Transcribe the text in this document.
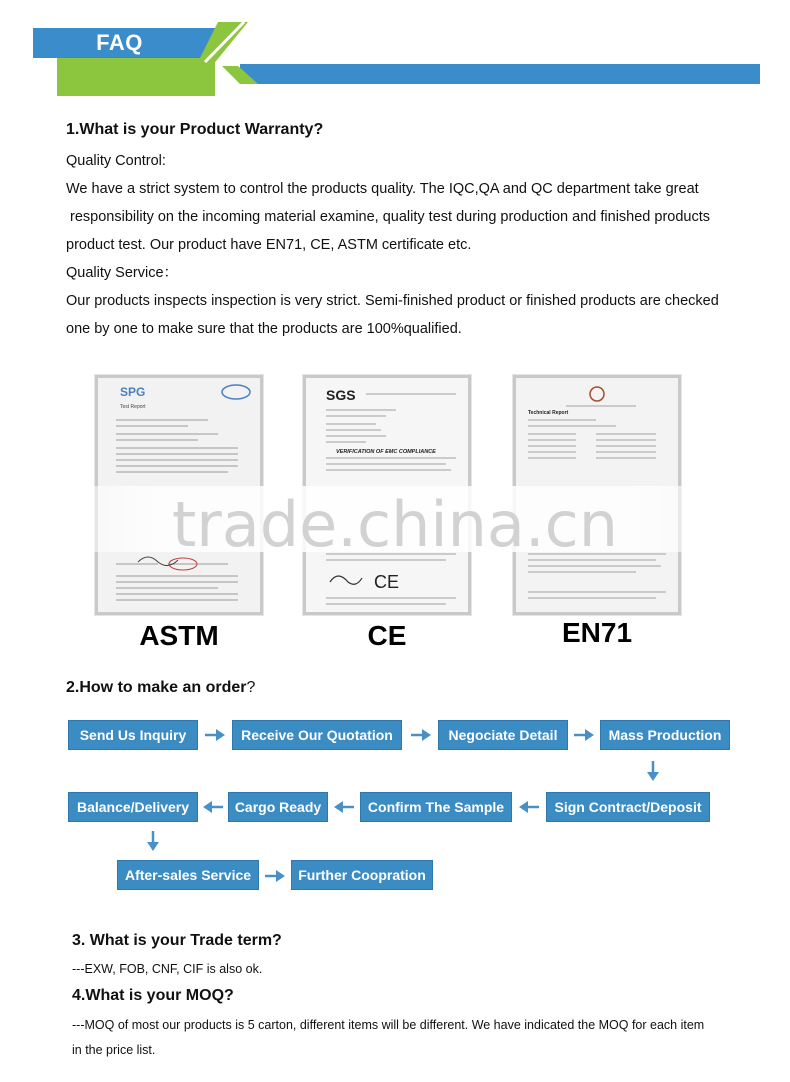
FAQ
1.What is your Product Warranty?
Quality Control:
We have a strict system to control the products quality. The IQC,QA and QC department take great
responsibility on the incoming material examine, quality test during production and finished products
product test. Our product have EN71, CE, ASTM certificate etc.
Quality Service：
Our products inspects inspection is very strict. Semi-finished product or finished products are checked
one by one to make sure that the products are 100%qualified.
SPG
Test Report
ASTM
SGS
VERIFICATION OF EMC COMPLIANCE
CE
CE
Technical Report
EN71
trade.china.cn
2.How to make an order?
Send Us Inquiry	Receive Our Quotation	Negociate Detail	Mass Production
Sign Contract/Deposit
Confirm The Sample
Cargo Ready
Balance/Delivery
After-sales Service	Further Coopration
3. What is your Trade term?
---EXW, FOB, CNF, CIF is also ok.
4.What is your MOQ?
---MOQ of most our products is 5 carton, different items will be different. We have indicated the MOQ for each item
in the price list.
